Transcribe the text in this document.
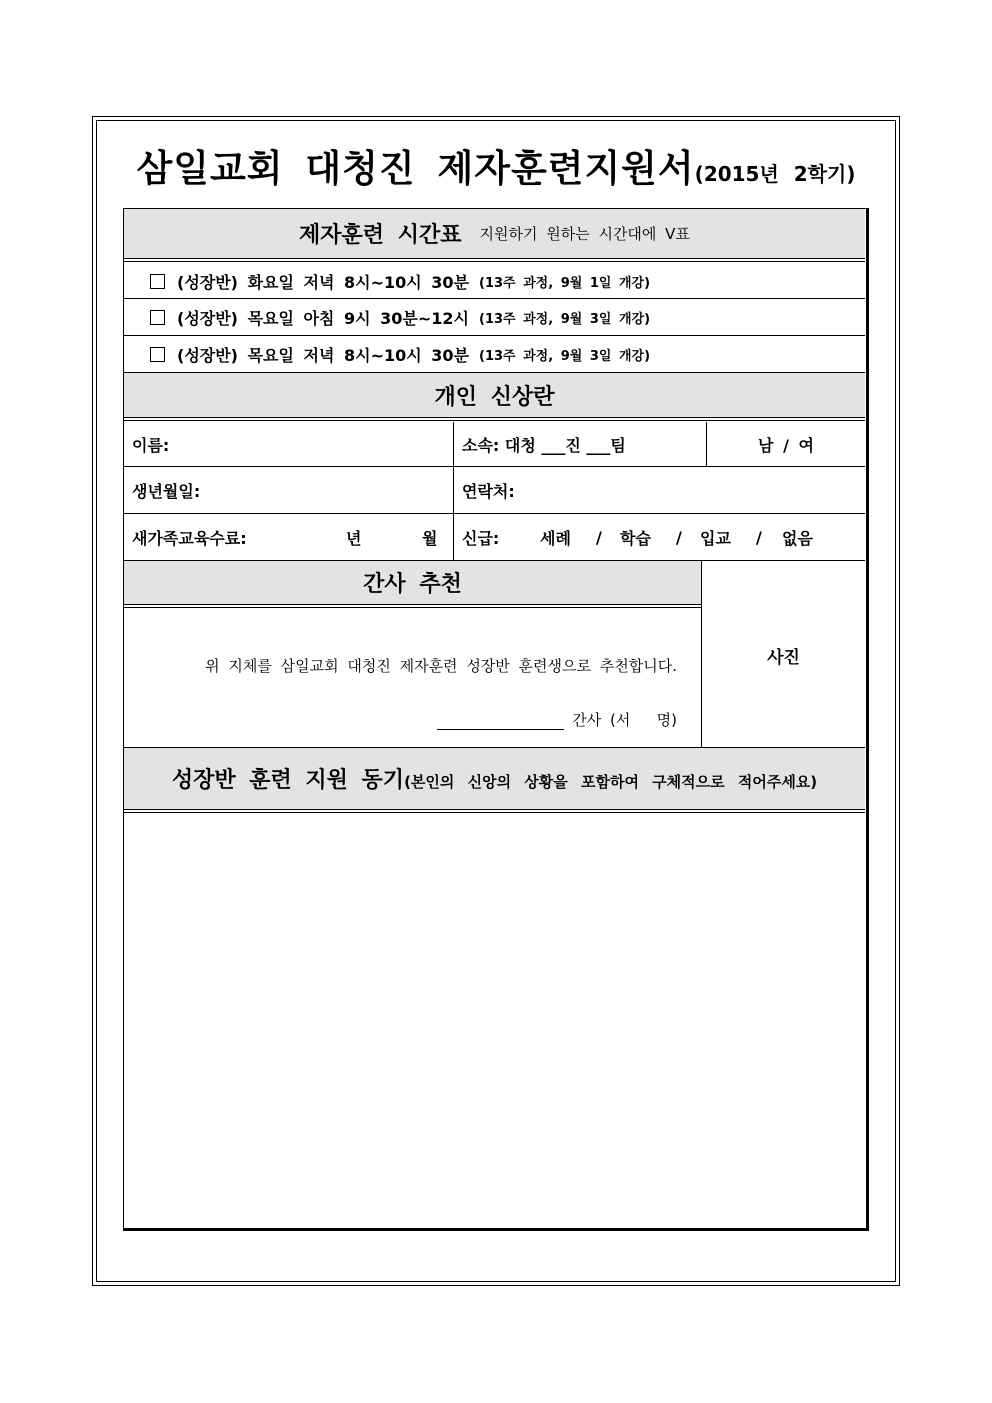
삼일교회 대청진 제자훈련지원서(2015년 2학기)
제자훈련 시간표 지원하기 원하는 시간대에 V표
(성장반) 화요일 저녁 8시~10시 30분 (13주 과정, 9월 1일 개강)
(성장반) 목요일 아침 9시 30분~12시 (13주 과정, 9월 3일 개강)
(성장반) 목요일 저녁 8시~10시 30분 (13주 과정, 9월 3일 개강)
개인 신상란
이름:	소속: 대청 ___진 ___팀	남 / 여
생년월일:	연락처:
새가족교육수료:	년	월 신급:	세례 / 학습 / 입교 / 없음
간사 추천
위 지체를 삼일교회 대청진 제자훈련 성장반 훈련생으로 추천합니다.
간사 (서   명)
사진
성장반 훈련 지원 동기 (본인의 신앙의 상황을 포함하여 구체적으로 적어주세요)
